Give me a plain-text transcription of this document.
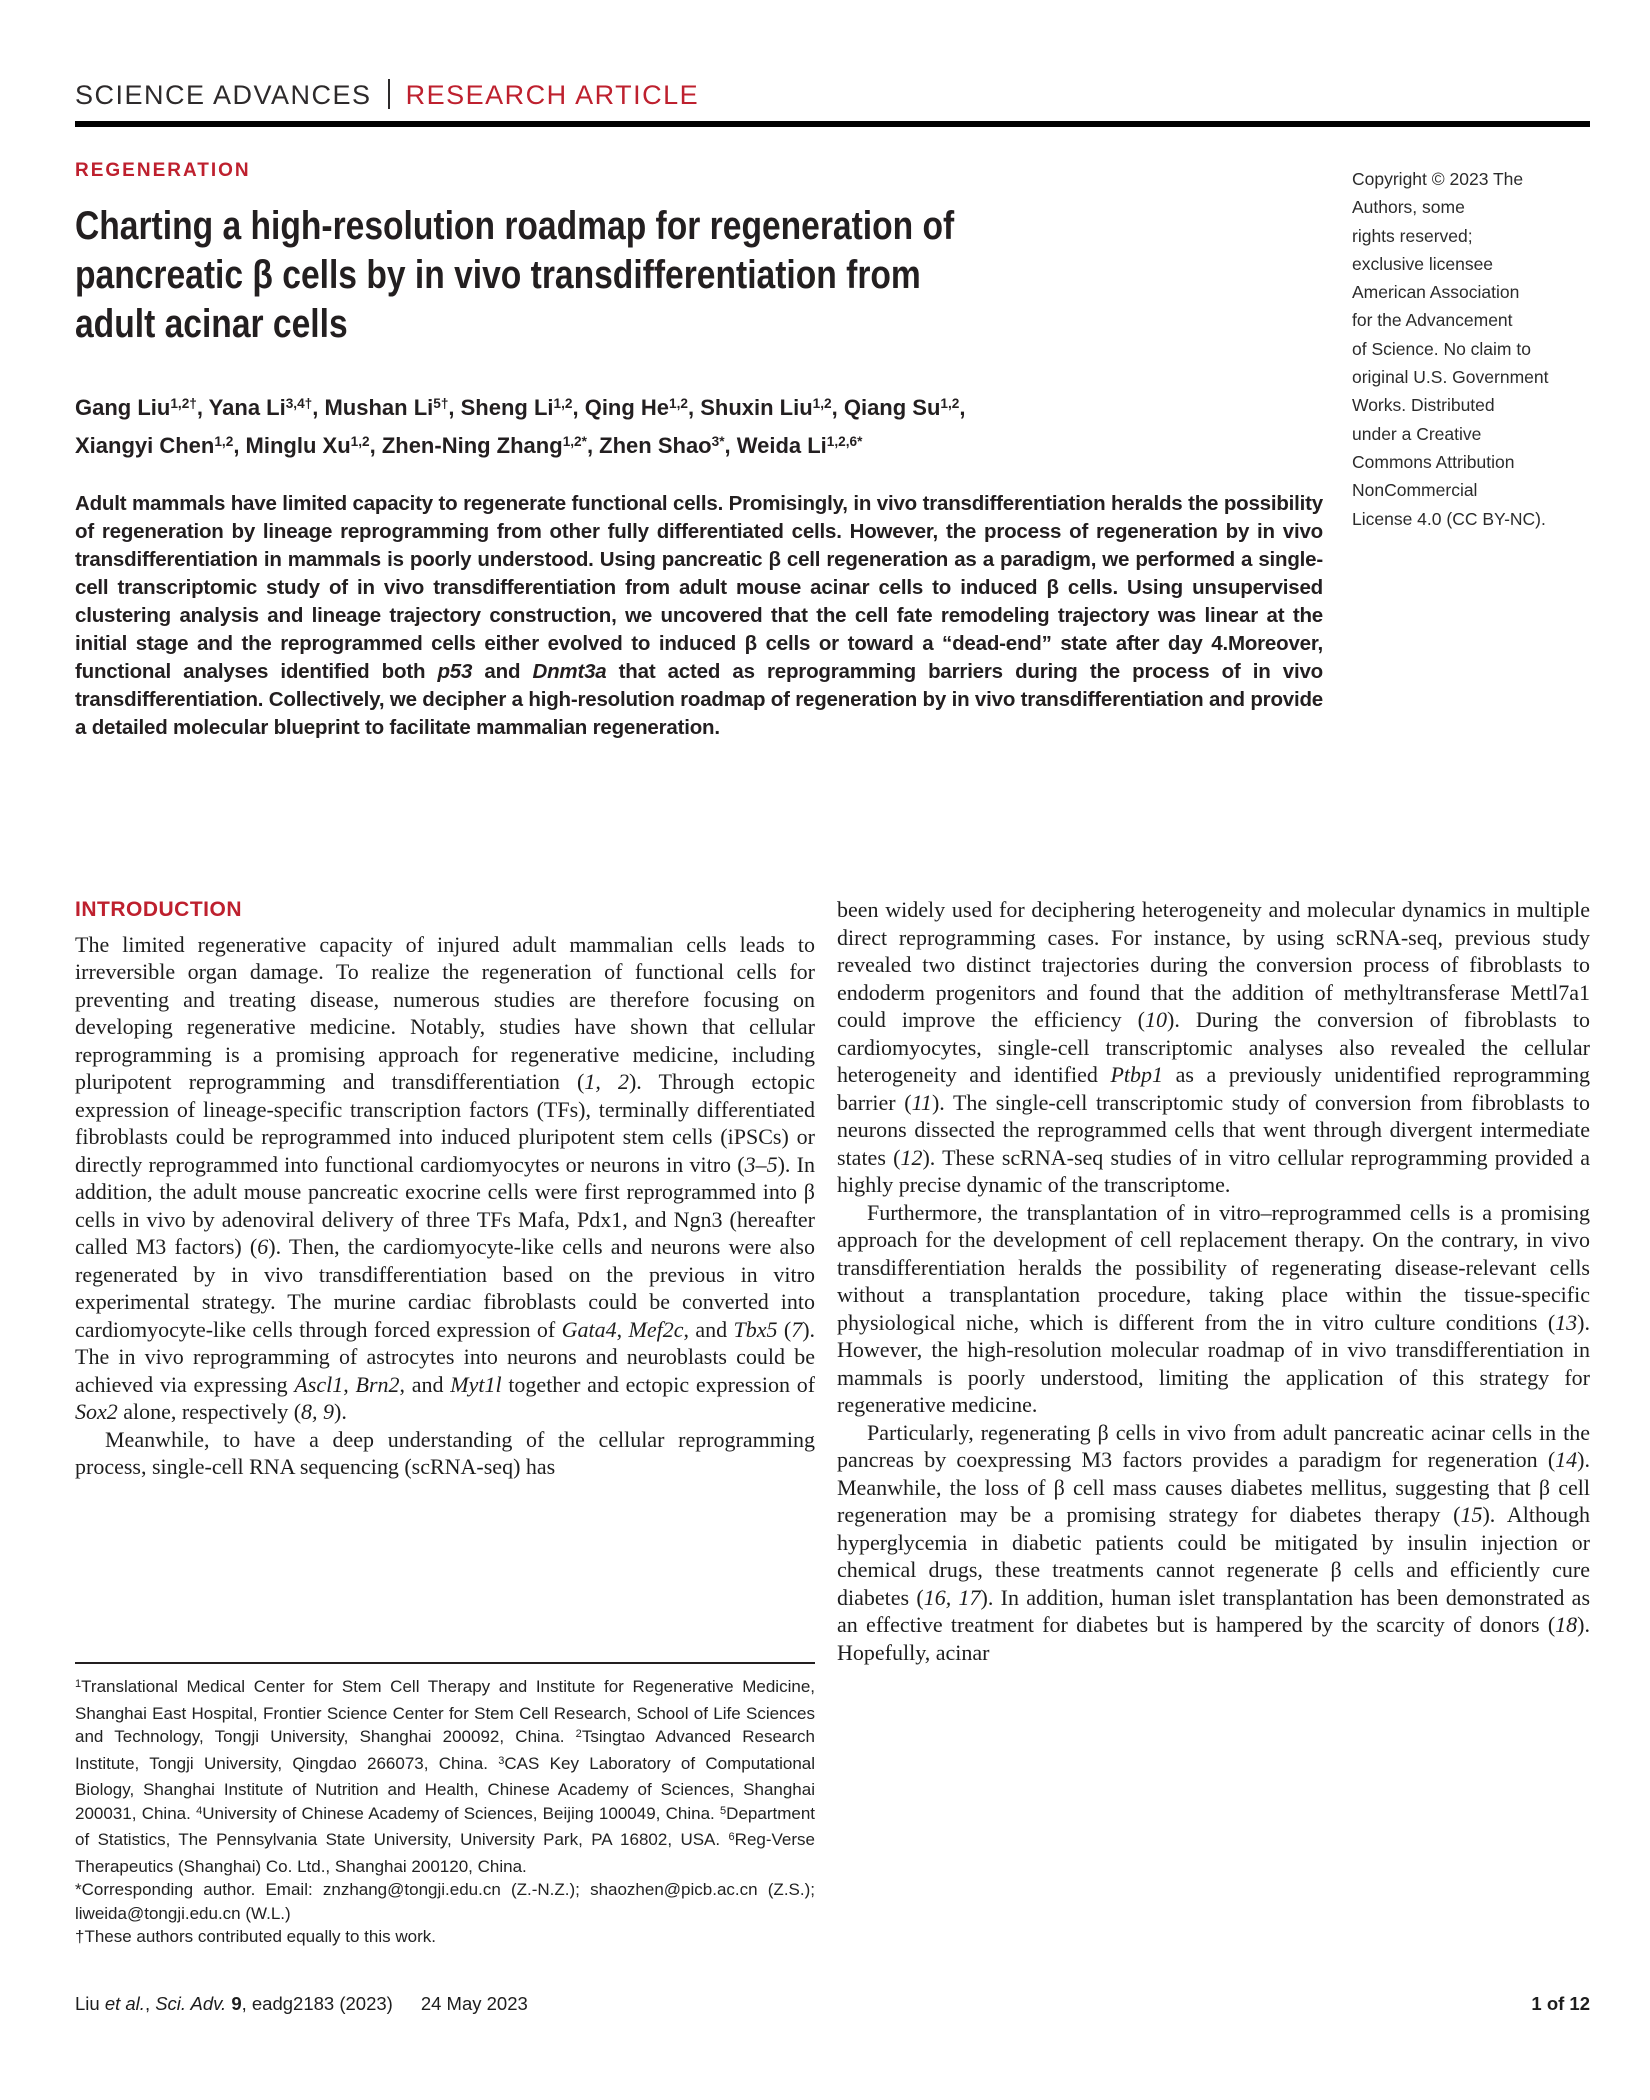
SCIENCE ADVANCES RESEARCH ARTICLE
REGENERATION
Charting a high-resolution roadmap for regeneration of
pancreatic β cells by in vivo transdifferentiation from
adult acinar cells
Gang Liu$^{1,2\dagger}$, Yana $Li^{3,4\dagger}$, Mushan $Li^{5\dagger}$, Sheng Li$^{1,2}$, Qing He$^{1,2}$, Shuxin Liu$^{1,2}$, Qiang Su$^{1,2}$,
Xiangyi Chen$^{1,2}$, Minglu Xu$^{1,2}$, Zhen-Ning Zhang$^{1,2*}$, Zhen Shao$^{3*}$, Weida $Li^{1,2,6*}$

Adult mammals have limited capacity to regenerate functional cells. Promisingly, in vivo transdifferentiation heralds the possibility of regeneration by lineage reprogramming from other fully differentiated cells. However, the process of regeneration by in vivo transdifferentiation in mammals is poorly understood. Using pancreatic β cell regeneration as a paradigm, we performed a single-cell transcriptomic study of in vivo transdifferentiation from adult mouse acinar cells to induced β cells. Using unsupervised clustering analysis and lineage trajectory construction, we uncovered that the cell fate remodeling trajectory was linear at the initial stage and the reprogrammed cells either evolved to induced β cells or toward a “dead-end” state after day 4.Moreover, functional analyses identified both p53 and Dnmt3a that acted as reprogramming barriers during the process of in vivo transdifferentiation. Collectively, we decipher a high-resolution roadmap of regeneration by in vivo transdifferentiation and provide a detailed molecular blueprint to facilitate mammalian regeneration.

Copyright © 2023 The
Authors, some
rights reserved;
exclusive licensee
American Association
for the Advancement
of Science. No claim to
original U.S. Government
Works. Distributed
under a Creative
Commons Attribution
NonCommercial
License 4.0 (CC BY-NC).
INTRODUCTION

The limited regenerative capacity of injured adult mammalian cells leads to irreversible organ damage. To realize the regeneration of functional cells for preventing and treating disease, numerous studies are therefore focusing on developing regenerative medicine. Notably, studies have shown that cellular reprogramming is a promising approach for regenerative medicine, including pluripotent reprogramming and transdifferentiation (1, 2). Through ectopic expression of lineage-specific transcription factors (TFs), terminally differentiated fibroblasts could be reprogrammed into induced pluripotent stem cells (iPSCs) or directly reprogrammed into functional cardiomyocytes or neurons in vitro (3–5). In addition, the adult mouse pancreatic exocrine cells were first reprogrammed into β cells in vivo by adenoviral delivery of three TFs Mafa, Pdx1, and Ngn3 (hereafter called M3 factors) (6). Then, the cardiomyocyte-like cells and neurons were also regenerated by in vivo transdifferentiation based on the previous in vitro experimental strategy. The murine cardiac fibroblasts could be converted into cardiomyocyte-like cells through forced expression of Gata4, Mef2c, and Tbx5 (7). The in vivo reprogramming of astrocytes into neurons and neuroblasts could be achieved via expressing Ascl1, Brn2, and Myt1l together and ectopic expression of Sox2 alone, respectively (8, 9).

Meanwhile, to have a deep understanding of the cellular reprogramming process, single-cell RNA sequencing (scRNA-seq) has

been widely used for deciphering heterogeneity and molecular dynamics in multiple direct reprogramming cases. For instance, by using scRNA-seq, previous study revealed two distinct trajectories during the conversion process of fibroblasts to endoderm progenitors and found that the addition of methyltransferase Mettl7a1 could improve the efficiency (10). During the conversion of fibroblasts to cardiomyocytes, single-cell transcriptomic analyses also revealed the cellular heterogeneity and identified Ptbp1 as a previously unidentified reprogramming barrier (11). The single-cell transcriptomic study of conversion from fibroblasts to neurons dissected the reprogrammed cells that went through divergent intermediate states (12). These scRNA-seq studies of in vitro cellular reprogramming provided a highly precise dynamic of the transcriptome.

Furthermore, the transplantation of in vitro–reprogrammed cells is a promising approach for the development of cell replacement therapy. On the contrary, in vivo transdifferentiation heralds the possibility of regenerating disease-relevant cells without a transplantation procedure, taking place within the tissue-specific physiological niche, which is different from the in vitro culture conditions (13). However, the high-resolution molecular roadmap of in vivo transdifferentiation in mammals is poorly understood, limiting the application of this strategy for regenerative medicine.

Particularly, regenerating β cells in vivo from adult pancreatic acinar cells in the pancreas by coexpressing M3 factors provides a paradigm for regeneration (14). Meanwhile, the loss of β cell mass causes diabetes mellitus, suggesting that β cell regeneration may be a promising strategy for diabetes therapy (15). Although hyperglycemia in diabetic patients could be mitigated by insulin injection or chemical drugs, these treatments cannot regenerate β cells and efficiently cure diabetes (16, 17). In addition, human islet transplantation has been demonstrated as an effective treatment for diabetes but is hampered by the scarcity of donors (18). Hopefully, acinar

$^1$Translational Medical Center for Stem Cell Therapy and Institute for Regenerative Medicine, Shanghai East Hospital, Frontier Science Center for Stem Cell Research, School of Life Sciences and Technology, Tongji University, Shanghai 200092, China. $^2$Tsingtao Advanced Research Institute, Tongji University, Qingdao 266073, China. $^3$CAS Key Laboratory of Computational Biology, Shanghai Institute of Nutrition and Health, Chinese Academy of Sciences, Shanghai 200031, China. $^4$University of Chinese Academy of Sciences, Beijing 100049, China. $^5$Department of Statistics, The Pennsylvania State University, University Park, PA 16802, USA. $^6$Reg-Verse Therapeutics (Shanghai) Co. Ltd., Shanghai 200120, China.

*Corresponding author. Email: znzhang@tongji.edu.cn (Z.-N.Z.); shaozhen@picb.ac.cn (Z.S.); liweida@tongji.edu.cn (W.L.)

†These authors contributed equally to this work.

Liu et al., Sci. Adv. 9, eadg2183 (2023) 24 May 2023	1 of 12
